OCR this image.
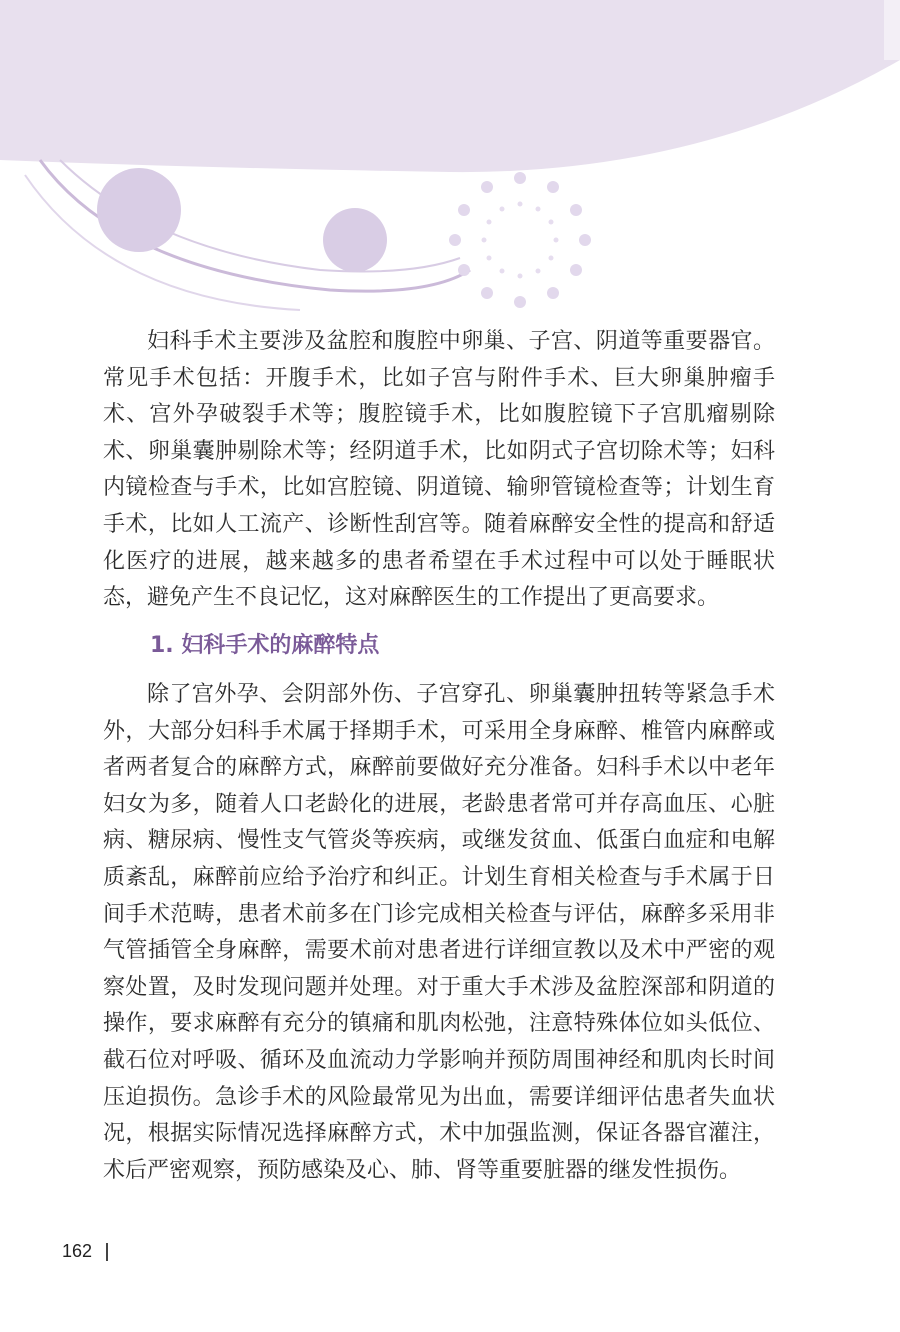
妇科手术主要涉及盆腔和腹腔中卵巢、子宫、阴道等重要器官。常见手术包括：开腹手术，比如子宫与附件手术、巨大卵巢肿瘤手术、宫外孕破裂手术等；腹腔镜手术，比如腹腔镜下子宫肌瘤剔除术、卵巢囊肿剔除术等；经阴道手术，比如阴式子宫切除术等；妇科内镜检查与手术，比如宫腔镜、阴道镜、输卵管镜检查等；计划生育手术，比如人工流产、诊断性刮宫等。随着麻醉安全性的提高和舒适化医疗的进展，越来越多的患者希望在手术过程中可以处于睡眠状态，避免产生不良记忆，这对麻醉医生的工作提出了更高要求。

1. 妇科手术的麻醉特点

除了宫外孕、会阴部外伤、子宫穿孔、卵巢囊肿扭转等紧急手术外，大部分妇科手术属于择期手术，可采用全身麻醉、椎管内麻醉或者两者复合的麻醉方式，麻醉前要做好充分准备。妇科手术以中老年妇女为多，随着人口老龄化的进展，老龄患者常可并存高血压、心脏病、糖尿病、慢性支气管炎等疾病，或继发贫血、低蛋白血症和电解质紊乱，麻醉前应给予治疗和纠正。计划生育相关检查与手术属于日间手术范畴，患者术前多在门诊完成相关检查与评估，麻醉多采用非气管插管全身麻醉，需要术前对患者进行详细宣教以及术中严密的观察处置，及时发现问题并处理。对于重大手术涉及盆腔深部和阴道的操作，要求麻醉有充分的镇痛和肌肉松弛，注意特殊体位如头低位、截石位对呼吸、循环及血流动力学影响并预防周围神经和肌肉长时间压迫损伤。急诊手术的风险最常见为出血，需要详细评估患者失血状况，根据实际情况选择麻醉方式，术中加强监测，保证各器官灌注，术后严密观察，预防感染及心、肺、肾等重要脏器的继发性损伤。

162
